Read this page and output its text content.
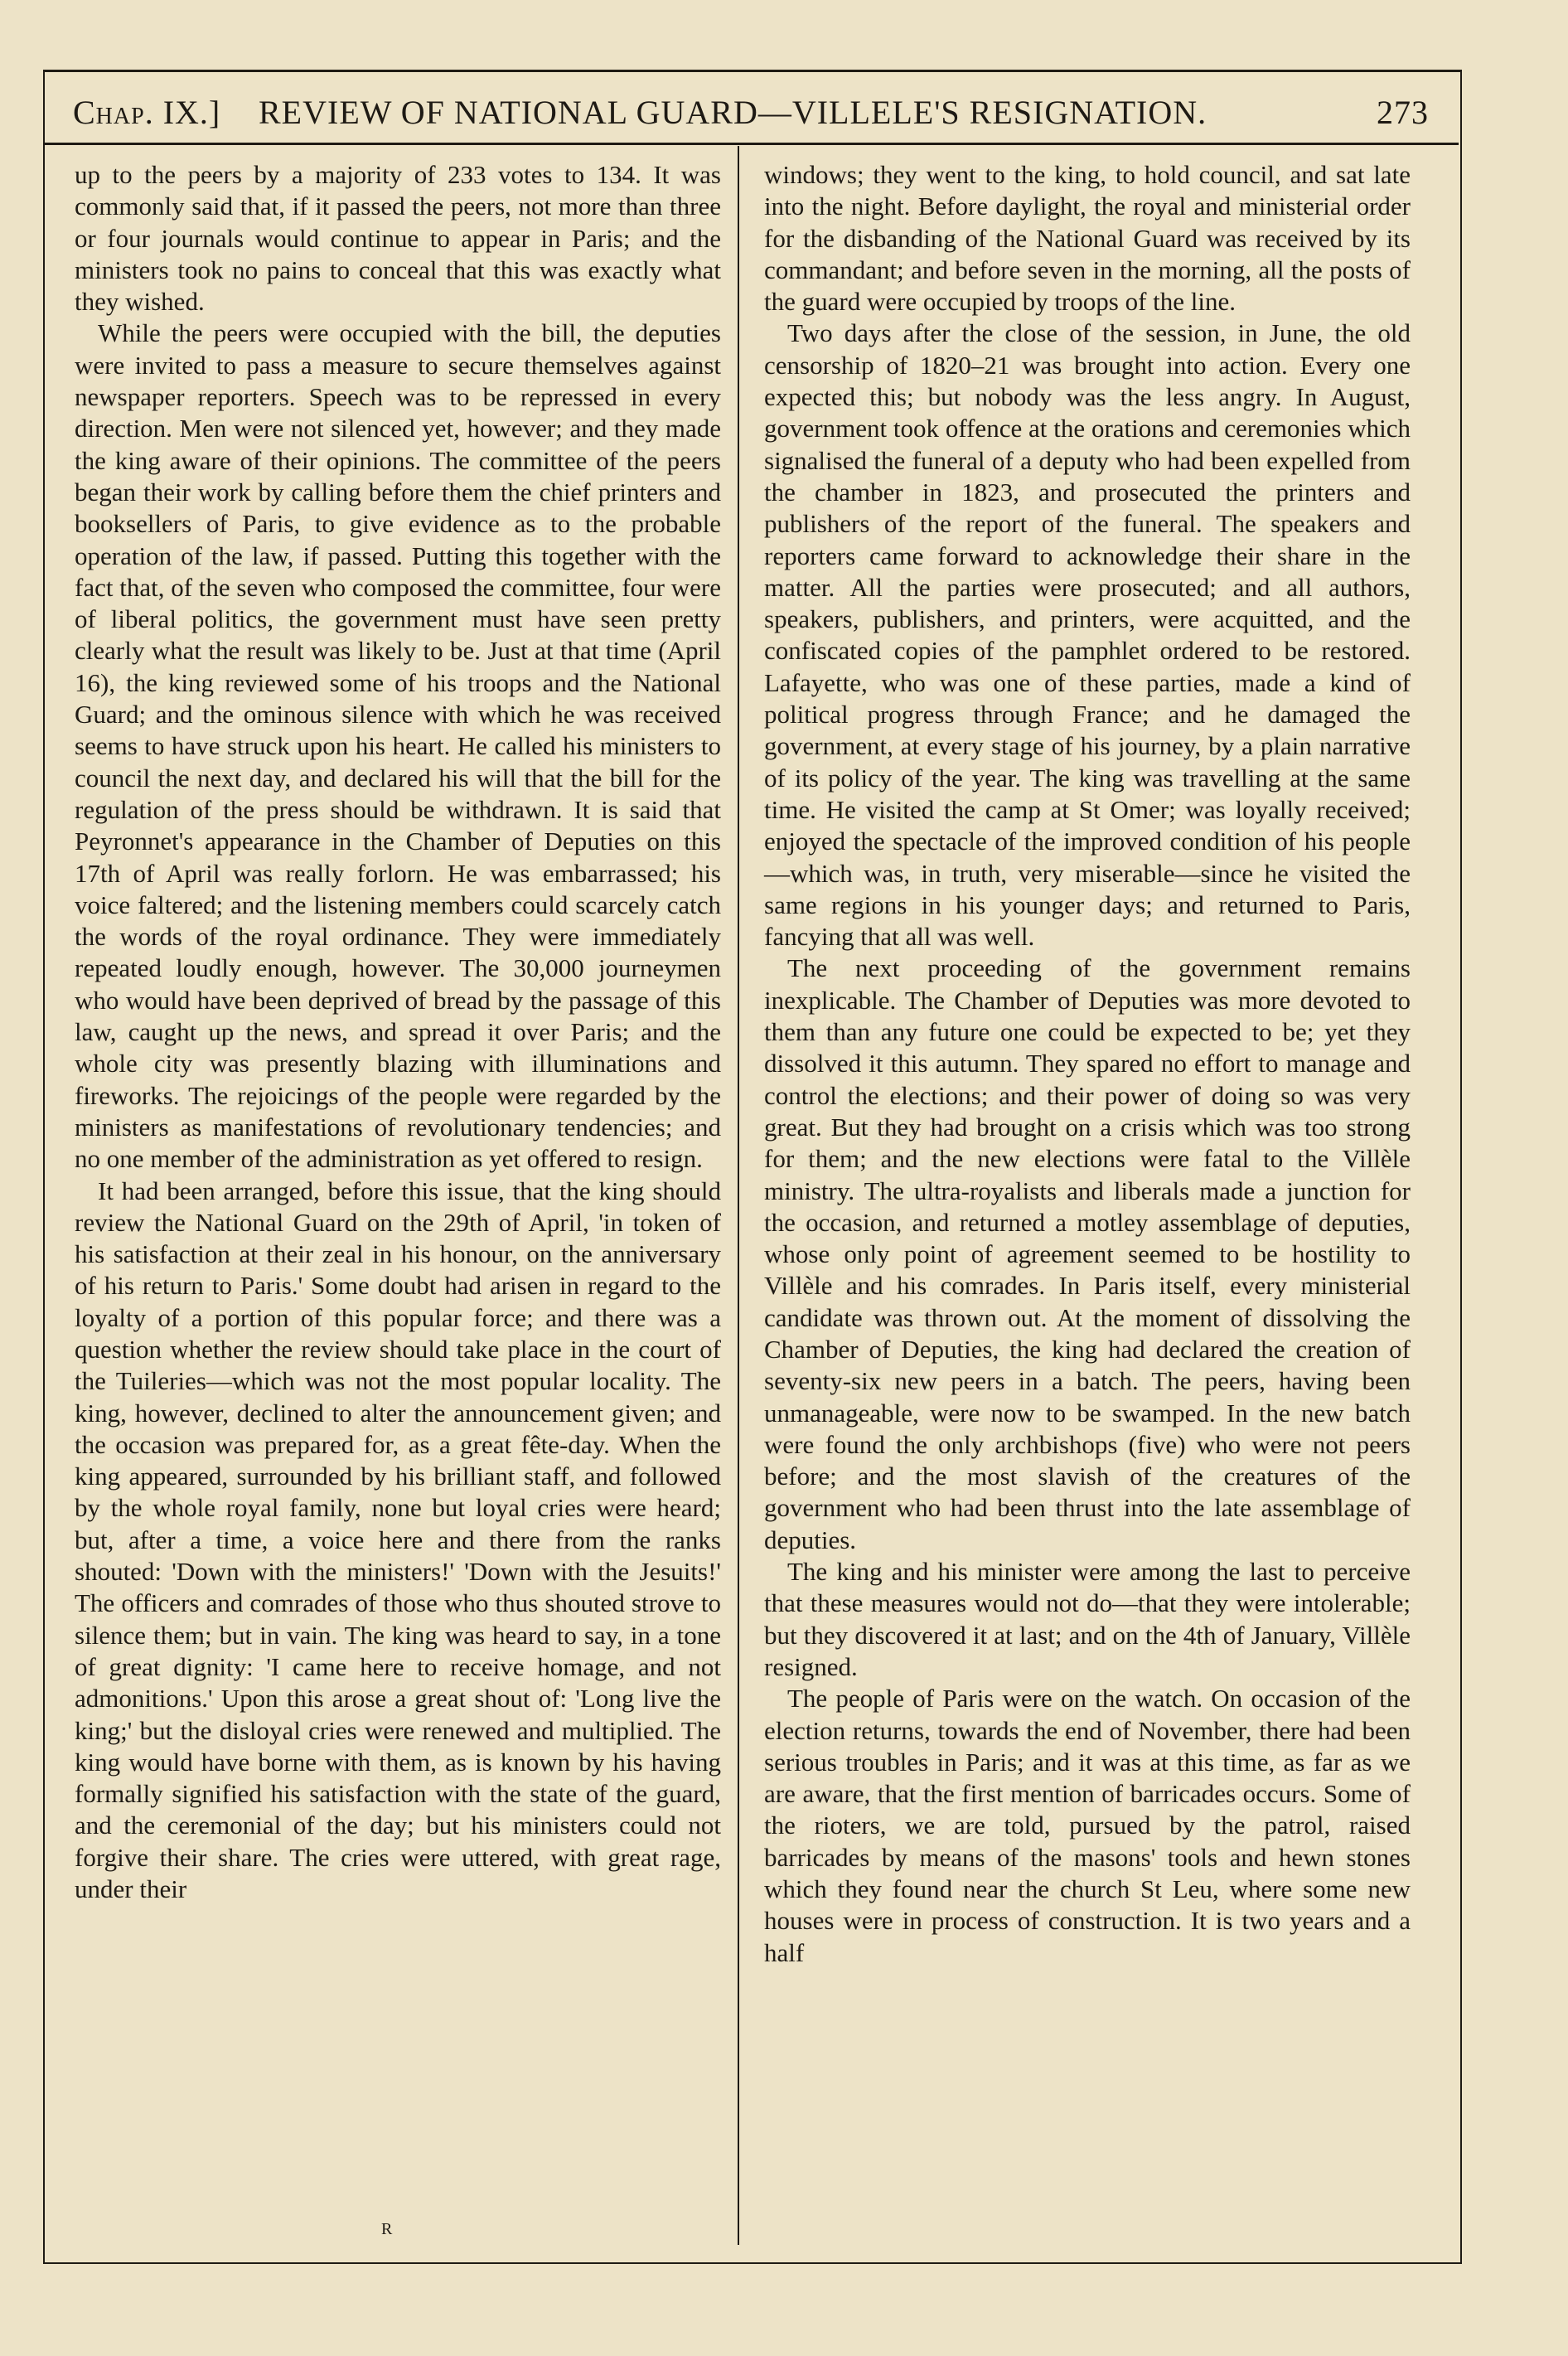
Chap. IX.] REVIEW OF NATIONAL GUARD—VILLELE'S RESIGNATION.	273

up to the peers by a majority of 233 votes to 134. It was commonly said that, if it passed the peers, not more than three or four journals would continue to appear in Paris; and the ministers took no pains to conceal that this was exactly what they wished.

While the peers were occupied with the bill, the deputies were invited to pass a measure to secure themselves against newspaper reporters. Speech was to be repressed in every direction. Men were not silenced yet, however; and they made the king aware of their opinions. The committee of the peers began their work by calling before them the chief printers and booksellers of Paris, to give evidence as to the probable operation of the law, if passed. Putting this together with the fact that, of the seven who composed the committee, four were of liberal politics, the government must have seen pretty clearly what the result was likely to be. Just at that time (April 16), the king reviewed some of his troops and the National Guard; and the ominous silence with which he was received seems to have struck upon his heart. He called his ministers to council the next day, and declared his will that the bill for the regulation of the press should be withdrawn. It is said that Peyronnet's appearance in the Chamber of Deputies on this 17th of April was really forlorn. He was embarrassed; his voice faltered; and the listening members could scarcely catch the words of the royal ordinance. They were immediately repeated loudly enough, however. The 30,000 journeymen who would have been deprived of bread by the passage of this law, caught up the news, and spread it over Paris; and the whole city was presently blazing with illuminations and fireworks. The rejoicings of the people were regarded by the ministers as manifestations of revolutionary tendencies; and no one member of the administration as yet offered to resign.

It had been arranged, before this issue, that the king should review the National Guard on the 29th of April, 'in token of his satisfaction at their zeal in his honour, on the anniversary of his return to Paris.' Some doubt had arisen in regard to the loyalty of a portion of this popular force; and there was a question whether the review should take place in the court of the Tuileries—which was not the most popular locality. The king, however, declined to alter the announcement given; and the occasion was prepared for, as a great fête-day. When the king appeared, surrounded by his brilliant staff, and followed by the whole royal family, none but loyal cries were heard; but, after a time, a voice here and there from the ranks shouted: 'Down with the ministers!' 'Down with the Jesuits!' The officers and comrades of those who thus shouted strove to silence them; but in vain. The king was heard to say, in a tone of great dignity: 'I came here to receive homage, and not admonitions.' Upon this arose a great shout of: 'Long live the king;' but the disloyal cries were renewed and multiplied. The king would have borne with them, as is known by his having formally signified his satisfaction with the state of the guard, and the ceremonial of the day; but his ministers could not forgive their share. The cries were uttered, with great rage, under their

windows; they went to the king, to hold council, and sat late into the night. Before daylight, the royal and ministerial order for the disbanding of the National Guard was received by its commandant; and before seven in the morning, all the posts of the guard were occupied by troops of the line.

Two days after the close of the session, in June, the old censorship of 1820–21 was brought into action. Every one expected this; but nobody was the less angry. In August, government took offence at the orations and ceremonies which signalised the funeral of a deputy who had been expelled from the chamber in 1823, and prosecuted the printers and publishers of the report of the funeral. The speakers and reporters came forward to acknowledge their share in the matter. All the parties were prosecuted; and all authors, speakers, publishers, and printers, were acquitted, and the confiscated copies of the pamphlet ordered to be restored. Lafayette, who was one of these parties, made a kind of political progress through France; and he damaged the government, at every stage of his journey, by a plain narrative of its policy of the year. The king was travelling at the same time. He visited the camp at St Omer; was loyally received; enjoyed the spectacle of the improved condition of his people—which was, in truth, very miserable—since he visited the same regions in his younger days; and returned to Paris, fancying that all was well.

The next proceeding of the government remains inexplicable. The Chamber of Deputies was more devoted to them than any future one could be expected to be; yet they dissolved it this autumn. They spared no effort to manage and control the elections; and their power of doing so was very great. But they had brought on a crisis which was too strong for them; and the new elections were fatal to the Villèle ministry. The ultra-royalists and liberals made a junction for the occasion, and returned a motley assemblage of deputies, whose only point of agreement seemed to be hostility to Villèle and his comrades. In Paris itself, every ministerial candidate was thrown out. At the moment of dissolving the Chamber of Deputies, the king had declared the creation of seventy-six new peers in a batch. The peers, having been unmanageable, were now to be swamped. In the new batch were found the only archbishops (five) who were not peers before; and the most slavish of the creatures of the government who had been thrust into the late assemblage of deputies.

The king and his minister were among the last to perceive that these measures would not do—that they were intolerable; but they discovered it at last; and on the 4th of January, Villèle resigned.

The people of Paris were on the watch. On occasion of the election returns, towards the end of November, there had been serious troubles in Paris; and it was at this time, as far as we are aware, that the first mention of barricades occurs. Some of the rioters, we are told, pursued by the patrol, raised barricades by means of the masons' tools and hewn stones which they found near the church St Leu, where some new houses were in process of construction. It is two years and a half

R
